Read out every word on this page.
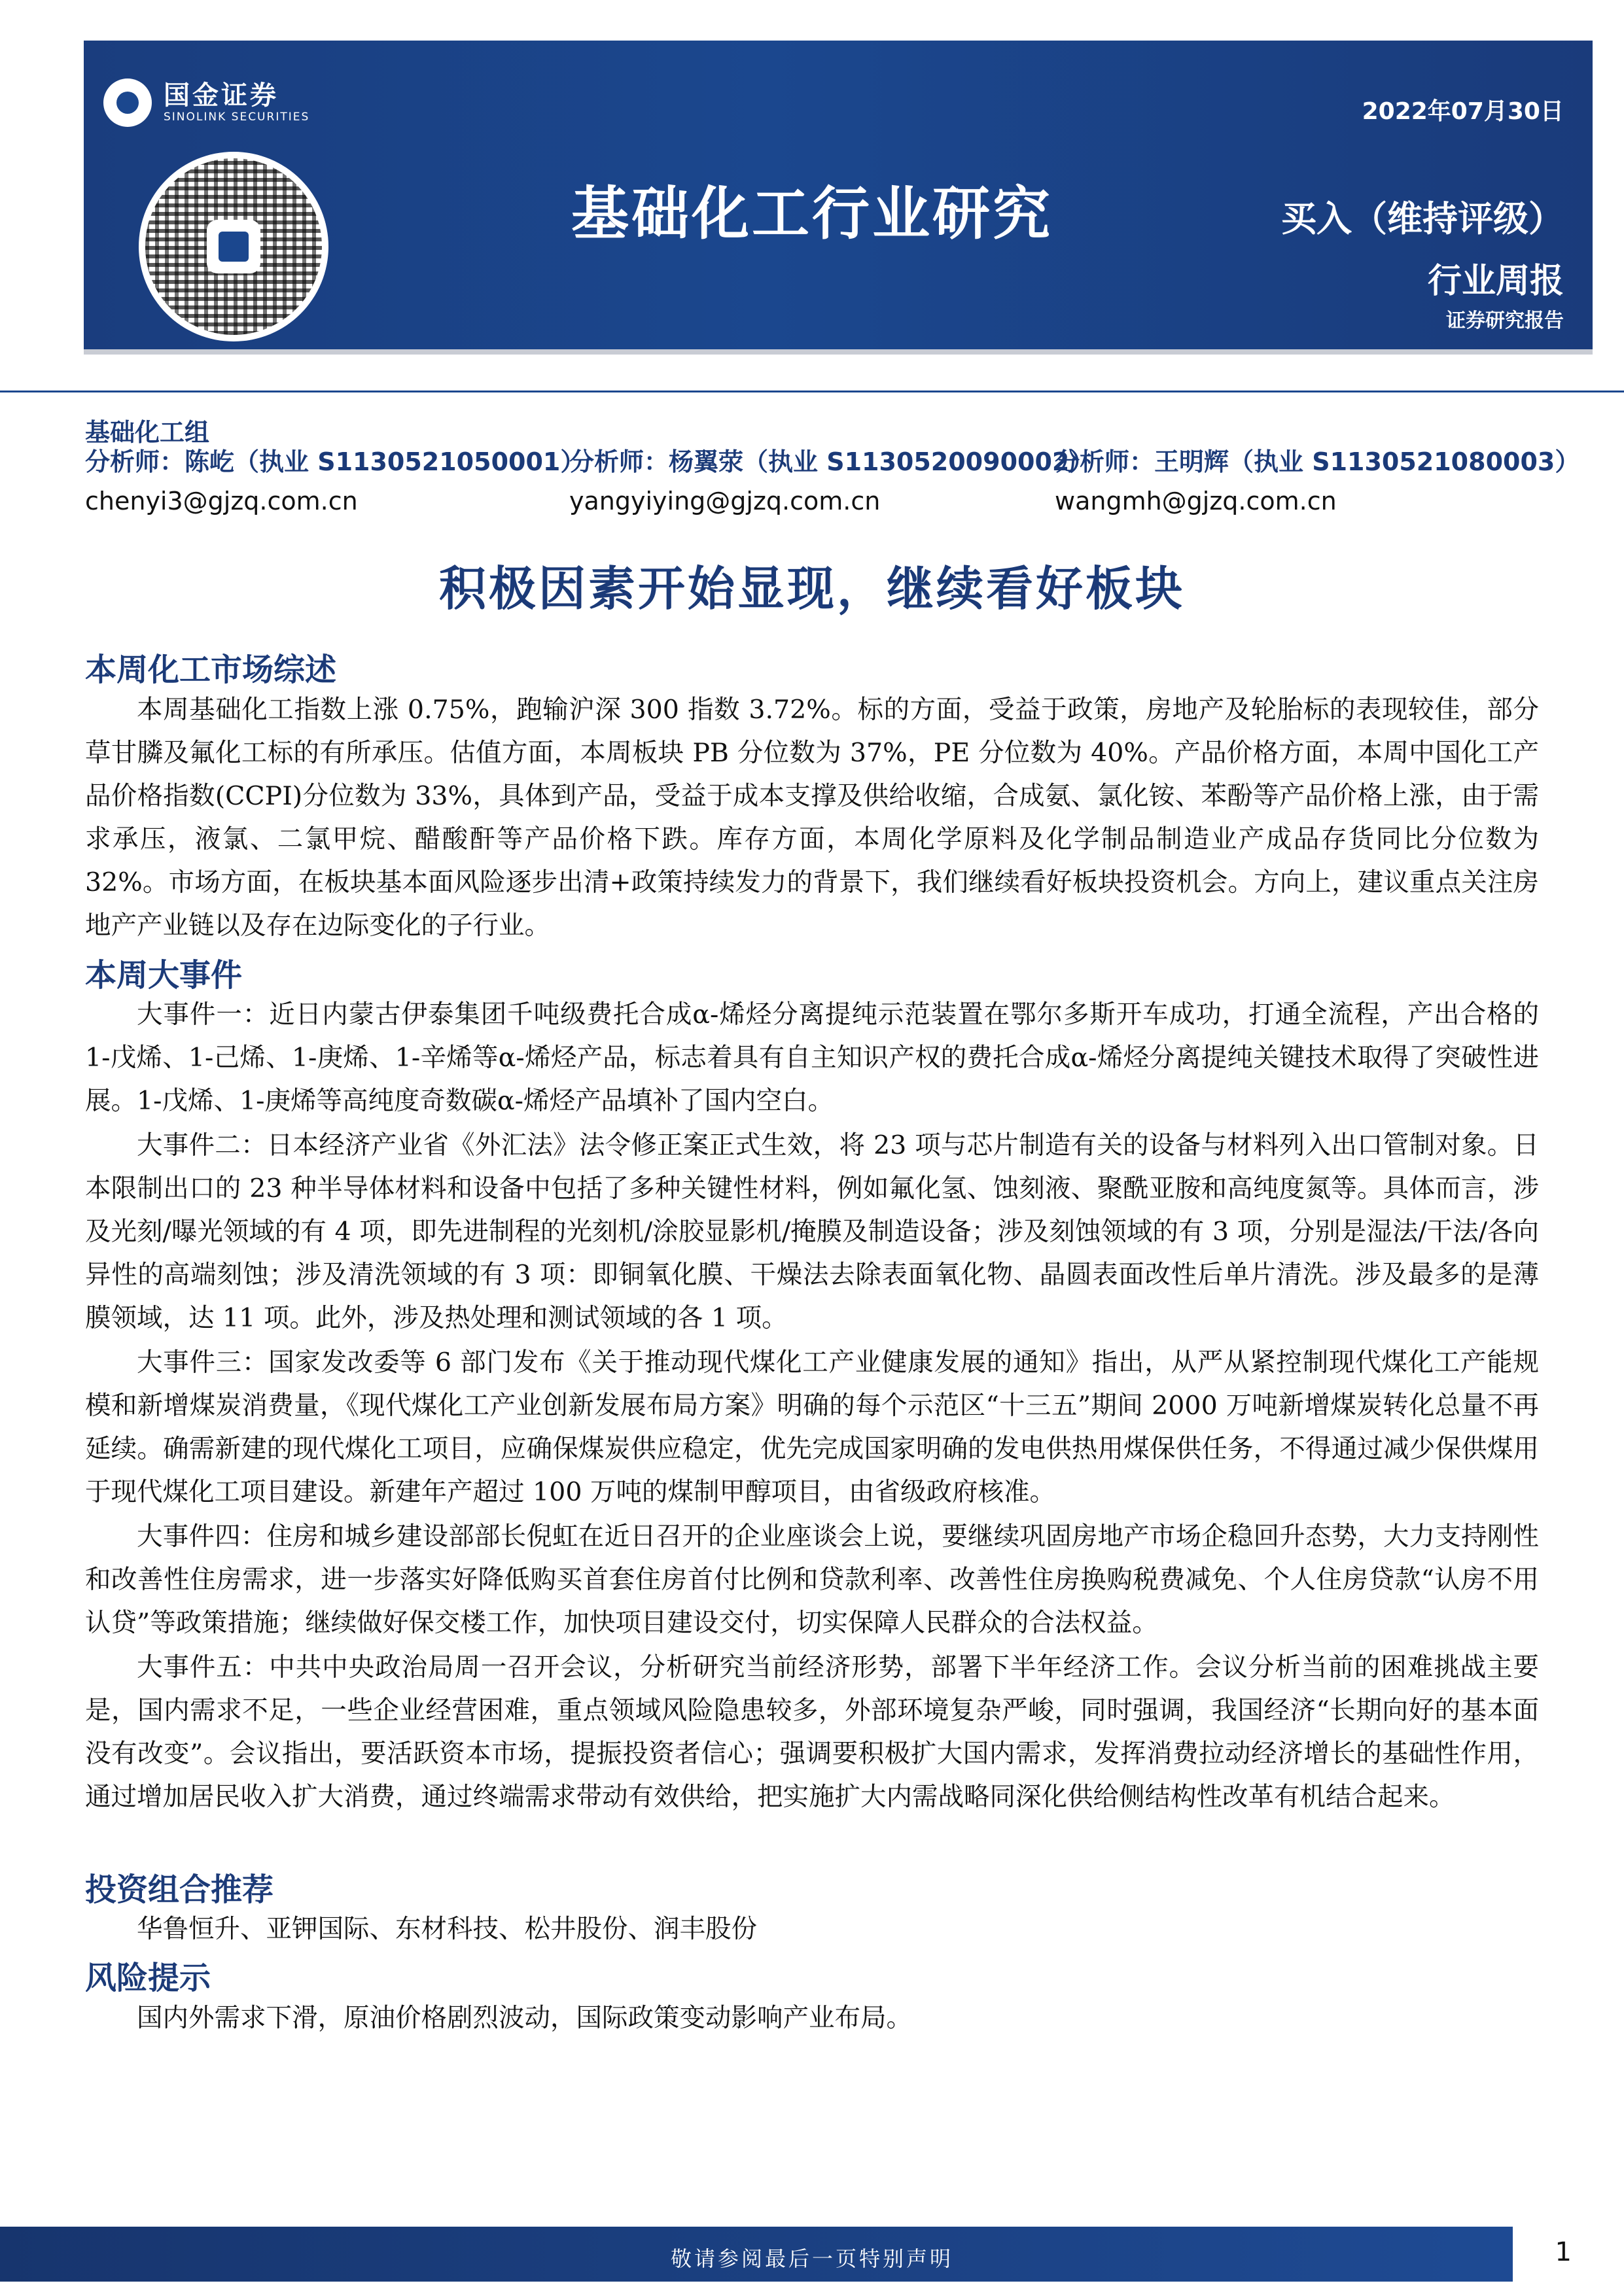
国金证券
SINOLINK SECURITIES
基础化工行业研究
2022年07月30日
买入（维持评级）
行业周报
证券研究报告
基础化工组
分析师：陈屹（执业 S1130521050001）
chenyi3@gjzq.com.cn
分析师：杨翼荥（执业 S1130520090002）
yangyiying@gjzq.com.cn
分析师：王明辉（执业 S1130521080003）
wangmh@gjzq.com.cn
积极因素开始显现，继续看好板块
本周化工市场综述

本周基础化工指数上涨 0.75%，跑输沪深 300 指数 3.72%。标的方面，受益于政策，房地产及轮胎标的表现较佳，部分草甘膦及氟化工标的有所承压。估值方面，本周板块 PB 分位数为 37%，PE 分位数为 40%。产品价格方面，本周中国化工产品价格指数(CCPI)分位数为 33%，具体到产品，受益于成本支撑及供给收缩，合成氨、氯化铵、苯酚等产品价格上涨，由于需求承压，液氯、二氯甲烷、醋酸酐等产品价格下跌。库存方面，本周化学原料及化学制品制造业产成品存货同比分位数为 32%。市场方面，在板块基本面风险逐步出清+政策持续发力的背景下，我们继续看好板块投资机会。方向上，建议重点关注房地产产业链以及存在边际变化的子行业。

本周大事件

大事件一：近日内蒙古伊泰集团千吨级费托合成α-烯烃分离提纯示范装置在鄂尔多斯开车成功，打通全流程，产出合格的 1-戊烯、1-己烯、1-庚烯、1-辛烯等α-烯烃产品，标志着具有自主知识产权的费托合成α-烯烃分离提纯关键技术取得了突破性进展。1-戊烯、1-庚烯等高纯度奇数碳α-烯烃产品填补了国内空白。

大事件二：日本经济产业省《外汇法》法令修正案正式生效，将 23 项与芯片制造有关的设备与材料列入出口管制对象。日本限制出口的 23 种半导体材料和设备中包括了多种关键性材料，例如氟化氢、蚀刻液、聚酰亚胺和高纯度氮等。具体而言，涉及光刻/曝光领域的有 4 项，即先进制程的光刻机/涂胶显影机/掩膜及制造设备；涉及刻蚀领域的有 3 项，分别是湿法/干法/各向异性的高端刻蚀；涉及清洗领域的有 3 项：即铜氧化膜、干燥法去除表面氧化物、晶圆表面改性后单片清洗。涉及最多的是薄膜领域，达 11 项。此外，涉及热处理和测试领域的各 1 项。

大事件三：国家发改委等 6 部门发布《关于推动现代煤化工产业健康发展的通知》指出，从严从紧控制现代煤化工产能规模和新增煤炭消费量，《现代煤化工产业创新发展布局方案》明确的每个示范区“十三五”期间 2000 万吨新增煤炭转化总量不再延续。确需新建的现代煤化工项目，应确保煤炭供应稳定，优先完成国家明确的发电供热用煤保供任务，不得通过减少保供煤用于现代煤化工项目建设。新建年产超过 100 万吨的煤制甲醇项目，由省级政府核准。

大事件四：住房和城乡建设部部长倪虹在近日召开的企业座谈会上说，要继续巩固房地产市场企稳回升态势，大力支持刚性和改善性住房需求，进一步落实好降低购买首套住房首付比例和贷款利率、改善性住房换购税费减免、个人住房贷款“认房不用认贷”等政策措施；继续做好保交楼工作，加快项目建设交付，切实保障人民群众的合法权益。

大事件五：中共中央政治局周一召开会议，分析研究当前经济形势，部署下半年经济工作。会议分析当前的困难挑战主要是，国内需求不足，一些企业经营困难，重点领域风险隐患较多，外部环境复杂严峻，同时强调，我国经济“长期向好的基本面没有改变”。会议指出，要活跃资本市场，提振投资者信心；强调要积极扩大国内需求，发挥消费拉动经济增长的基础性作用，通过增加居民收入扩大消费，通过终端需求带动有效供给，把实施扩大内需战略同深化供给侧结构性改革有机结合起来。

投资组合推荐

华鲁恒升、亚钾国际、东材科技、松井股份、润丰股份

风险提示

国内外需求下滑，原油价格剧烈波动，国际政策变动影响产业布局。

敬请参阅最后一页特别声明	1
